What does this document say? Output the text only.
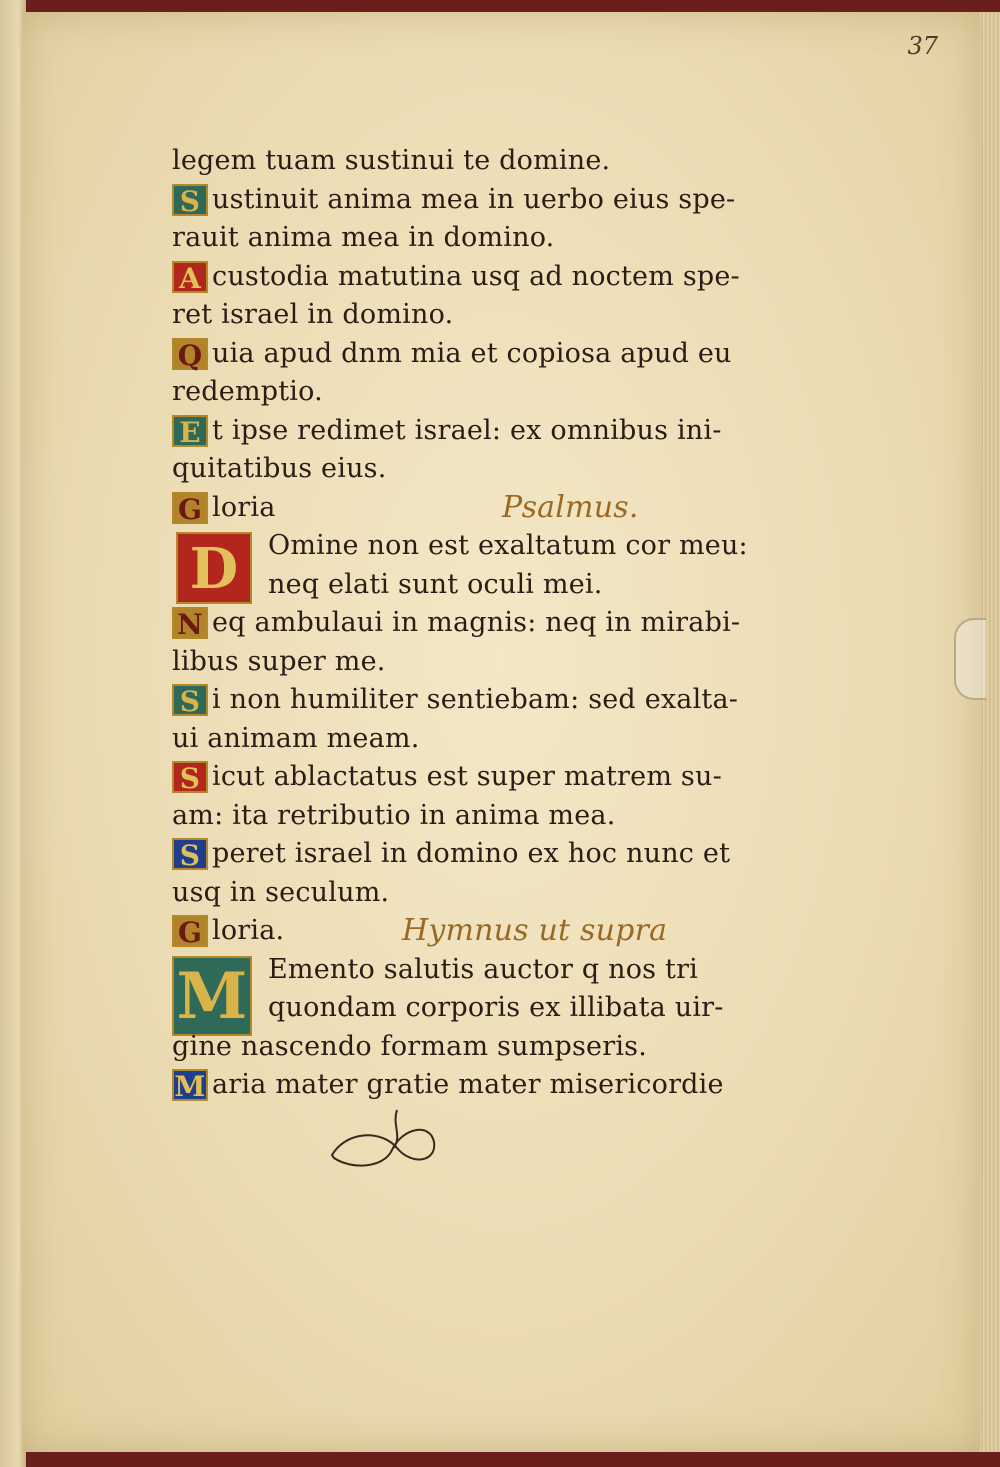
37
legem tuam sustinui te domine.
S ustinuit anima mea in uerbo eius spe-
rauit anima mea in domino.
A custodia matutina usq ad noctem spe-
ret israel in domino.
Q uia apud dnm mia et copiosa apud eu
redemptio.
E t ipse redimet israel: ex omnibus ini-
quitatibus eius.
G loria	Psalmus.
D	Omine non est exaltatum cor meu:
neq elati sunt oculi mei.
N eq ambulaui in magnis: neq in mirabi-
libus super me.
S i non humiliter sentiebam: sed exalta-
ui animam meam.
S icut ablactatus est super matrem su-
am: ita retributio in anima mea.
S peret israel in domino ex hoc nunc et
usq in seculum.
G loria.	Hymnus ut supra
M Emento salutis auctor q nos tri
quondam corporis ex illibata uir-
gine nascendo formam sumpseris.
M aria mater gratie mater misericordie
